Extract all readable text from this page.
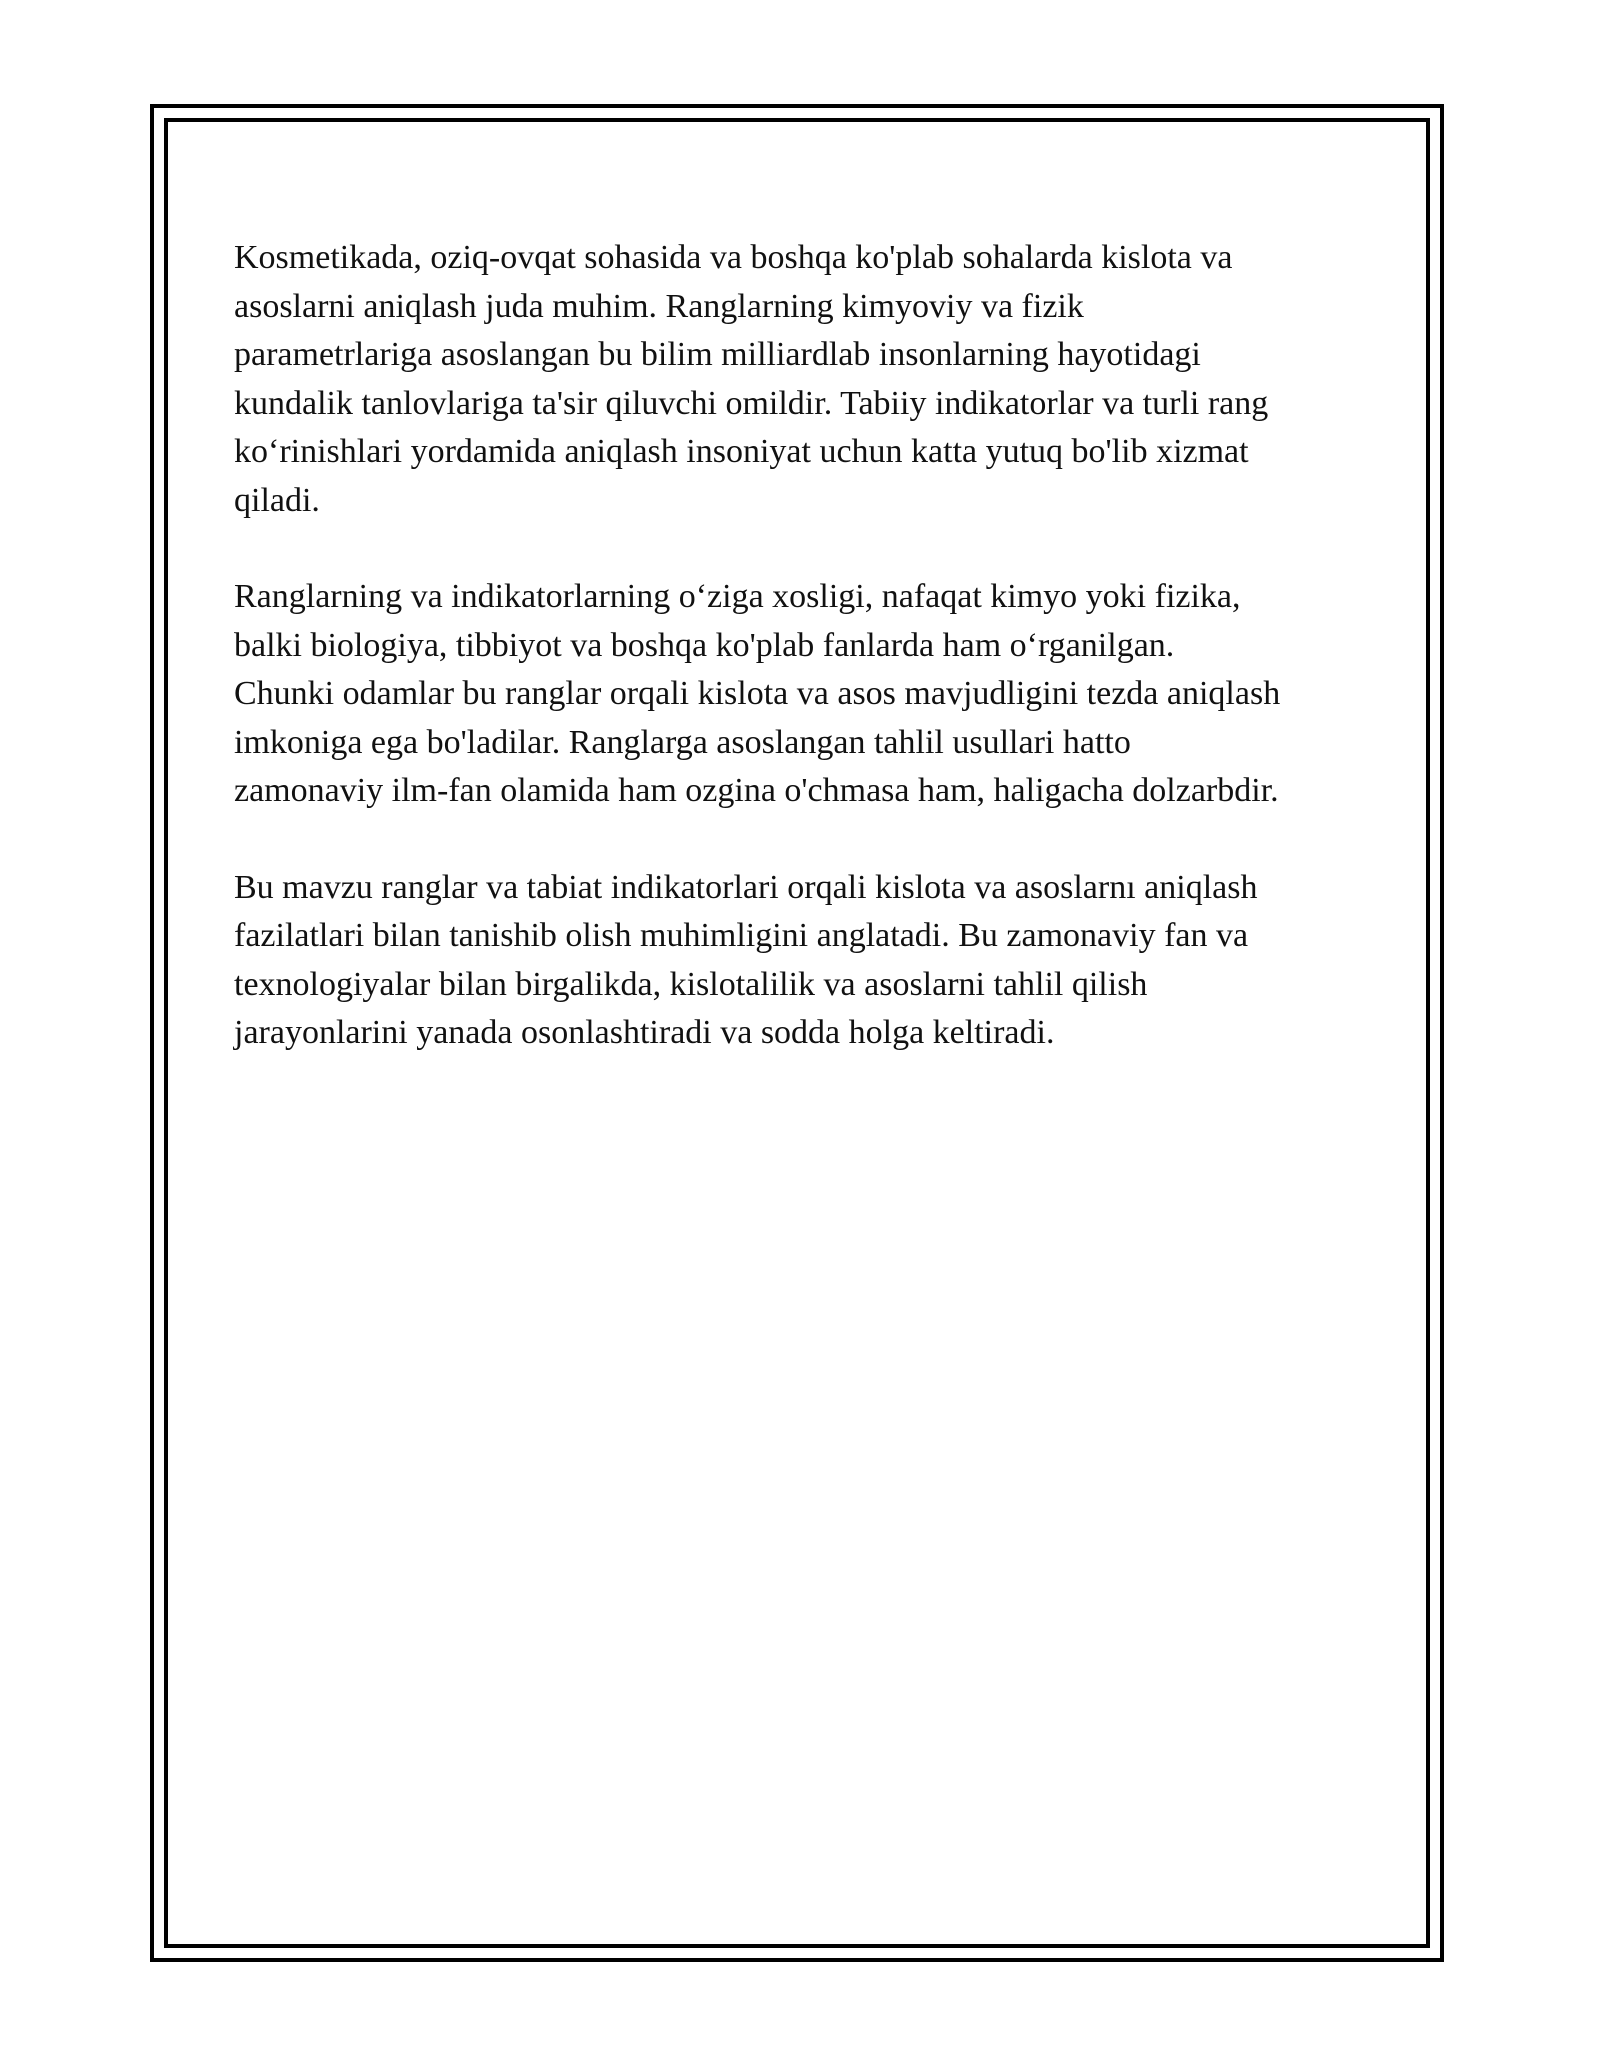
Kosmetikada, oziq-ovqat sohasida va boshqa ko'plab sohalarda kislota va
asoslarni aniqlash juda muhim. Ranglarning kimyoviy va fizik
parametrlariga asoslangan bu bilim milliardlab insonlarning hayotidagi
kundalik tanlovlariga ta'sir qiluvchi omildir. Tabiiy indikatorlar va turli rang
ko‘rinishlari yordamida aniqlash insoniyat uchun katta yutuq bo'lib xizmat
qiladi.

Ranglarning va indikatorlarning o‘ziga xosligi, nafaqat kimyo yoki fizika,
balki biologiya, tibbiyot va boshqa ko'plab fanlarda ham o‘rganilgan.
Chunki odamlar bu ranglar orqali kislota va asos mavjudligini tezda aniqlash
imkoniga ega bo'ladilar. Ranglarga asoslangan tahlil usullari hatto
zamonaviy ilm-fan olamida ham ozgina o'chmasa ham, haligacha dolzarbdir.

Bu mavzu ranglar va tabiat indikatorlari orqali kislota va asoslarnı aniqlash
fazilatlari bilan tanishib olish muhimligini anglatadi. Bu zamonaviy fan va
texnologiyalar bilan birgalikda, kislotalilik va asoslarni tahlil qilish
jarayonlarini yanada osonlashtiradi va sodda holga keltiradi.
